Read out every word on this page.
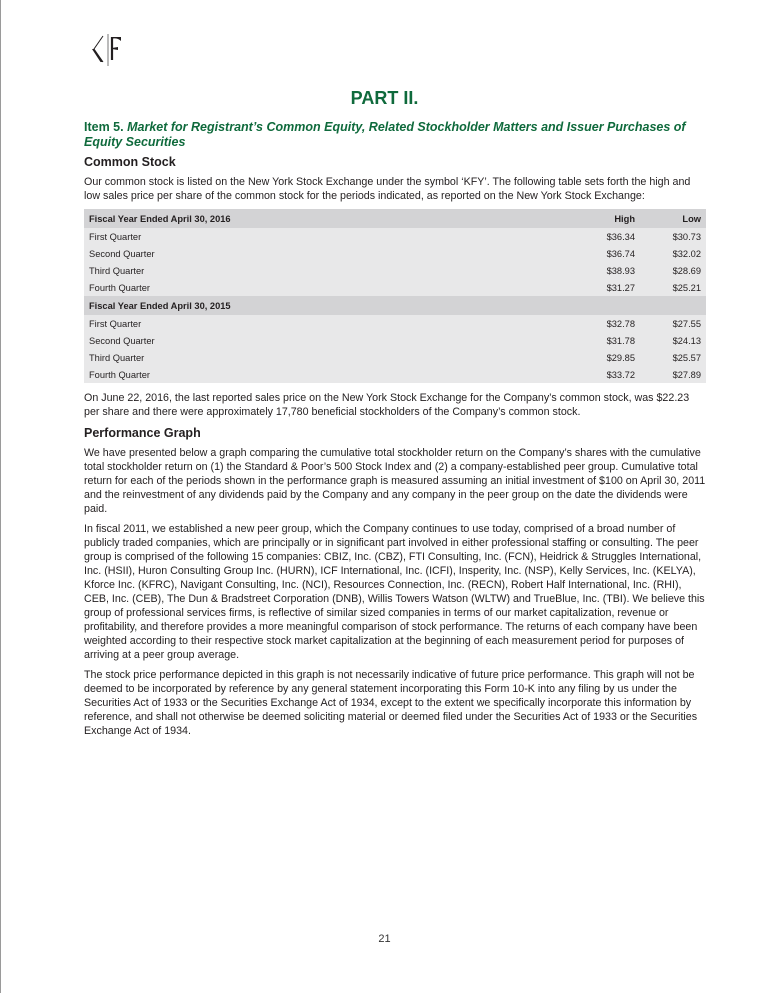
PART II.
Item 5. Market for Registrant’s Common Equity, Related Stockholder Matters and Issuer Purchases of Equity Securities
Common Stock

Our common stock is listed on the New York Stock Exchange under the symbol ‘KFY’. The following table sets forth the high and low sales price per share of the common stock for the periods indicated, as reported on the New York Stock Exchange:

Fiscal Year Ended April 30, 2016	High	Low
First Quarter	$36.34	$30.73
Second Quarter	$36.74	$32.02
Third Quarter	$38.93	$28.69
Fourth Quarter	$31.27	$25.21
Fiscal Year Ended April 30, 2015		
First Quarter	$32.78	$27.55
Second Quarter	$31.78	$24.13
Third Quarter	$29.85	$25.57
Fourth Quarter	$33.72	$27.89

On June 22, 2016, the last reported sales price on the New York Stock Exchange for the Company’s common stock, was $22.23 per share and there were approximately 17,780 beneficial stockholders of the Company’s common stock.

Performance Graph

We have presented below a graph comparing the cumulative total stockholder return on the Company’s shares with the cumulative total stockholder return on (1) the Standard & Poor’s 500 Stock Index and (2) a company-established peer group. Cumulative total return for each of the periods shown in the performance graph is measured assuming an initial investment of $100 on April 30, 2011 and the reinvestment of any dividends paid by the Company and any company in the peer group on the date the dividends were paid.

In fiscal 2011, we established a new peer group, which the Company continues to use today, comprised of a broad number of publicly traded companies, which are principally or in significant part involved in either professional staffing or consulting. The peer group is comprised of the following 15 companies: CBIZ, Inc. (CBZ), FTI Consulting, Inc. (FCN), Heidrick & Struggles International, Inc. (HSII), Huron Consulting Group Inc. (HURN), ICF International, Inc. (ICFI), Insperity, Inc. (NSP), Kelly Services, Inc. (KELYA), Kforce Inc. (KFRC), Navigant Consulting, Inc. (NCI), Resources Connection, Inc. (RECN), Robert Half International, Inc. (RHI), CEB, Inc. (CEB), The Dun & Bradstreet Corporation (DNB), Willis Towers Watson (WLTW) and TrueBlue, Inc. (TBI). We believe this group of professional services firms, is reflective of similar sized companies in terms of our market capitalization, revenue or profitability, and therefore provides a more meaningful comparison of stock performance. The returns of each company have been weighted according to their respective stock market capitalization at the beginning of each measurement period for purposes of arriving at a peer group average.

The stock price performance depicted in this graph is not necessarily indicative of future price performance. This graph will not be deemed to be incorporated by reference by any general statement incorporating this Form 10-K into any filing by us under the Securities Act of 1933 or the Securities Exchange Act of 1934, except to the extent we specifically incorporate this information by reference, and shall not otherwise be deemed soliciting material or deemed filed under the Securities Act of 1933 or the Securities Exchange Act of 1934.

21
